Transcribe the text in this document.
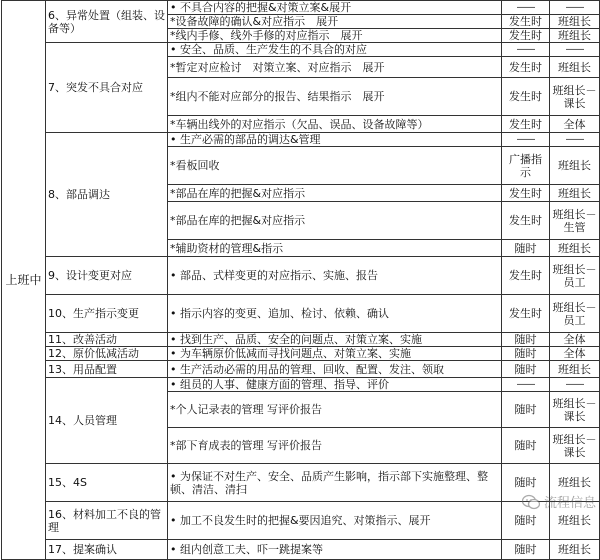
上班中	6、异常处置（组装、设备等）	• 不具合内容的把握&对策立案&展开	——	——
		*设备故障的确认&对应指示　展开	发生时	班组长
		*线内手修、线外手修的对应指示　展开	发生时	班组长
	7、突发不具合对应	• 安全、品质、生产发生的不具合的对应	——	——
		*暂定对应检讨　对策立案、对应指示　展开	发生时	班组长
		*组内不能对应部分的报告、结果指示　展开	发生时	班组长－课长
		*车辆出线外的对应指示（欠品、误品、设备故障等）	发生时	全体
	8、部品调达	• 生产必需的部品的调达&管理	——	——
		*看板回收	广播指示	班组长
		*部品在库的把握&对应指示	发生时	班组长
		*部品在库的把握&对应指示	发生时	班组长－生管
		*辅助资材的管理&指示	随时	班组长
	9、设计变更对应	• 部品、式样变更的对应指示、实施、报告	发生时	班组长－员工
	10、生产指示变更	• 指示内容的变更、追加、检讨、依赖、确认	发生时	班组长－员工
	11、改善活动	• 找到生产、品质、安全的问题点、对策立案、实施	随时	全体
	12、原价低减活动	• 为车辆原价低减而寻找问题点、对策立案、实施	随时	全体
	13、用品配置	• 生产活动必需的用品的管理、回收、配置、发注、领取	随时	班组长
	14、人员管理	• 组员的人事、健康方面的管理、指导、评价	——	——
		*个人记录表的管理 写评价报告	随时	班组长－课长
		*部下育成表的管理 写评价报告	随时	班组长－课长
	15、4S	• 为保证不对生产、安全、品质产生影响，指示部下实施整理、整顿、清洁、清扫	随时	班组长
	16、材料加工不良的管理	• 加工不良发生时的把握&要因追究、对策指示、展开	随时	班组长
	17、提案确认	• 组内创意工夫、吓一跳提案等	随时	班组长
流程信息
